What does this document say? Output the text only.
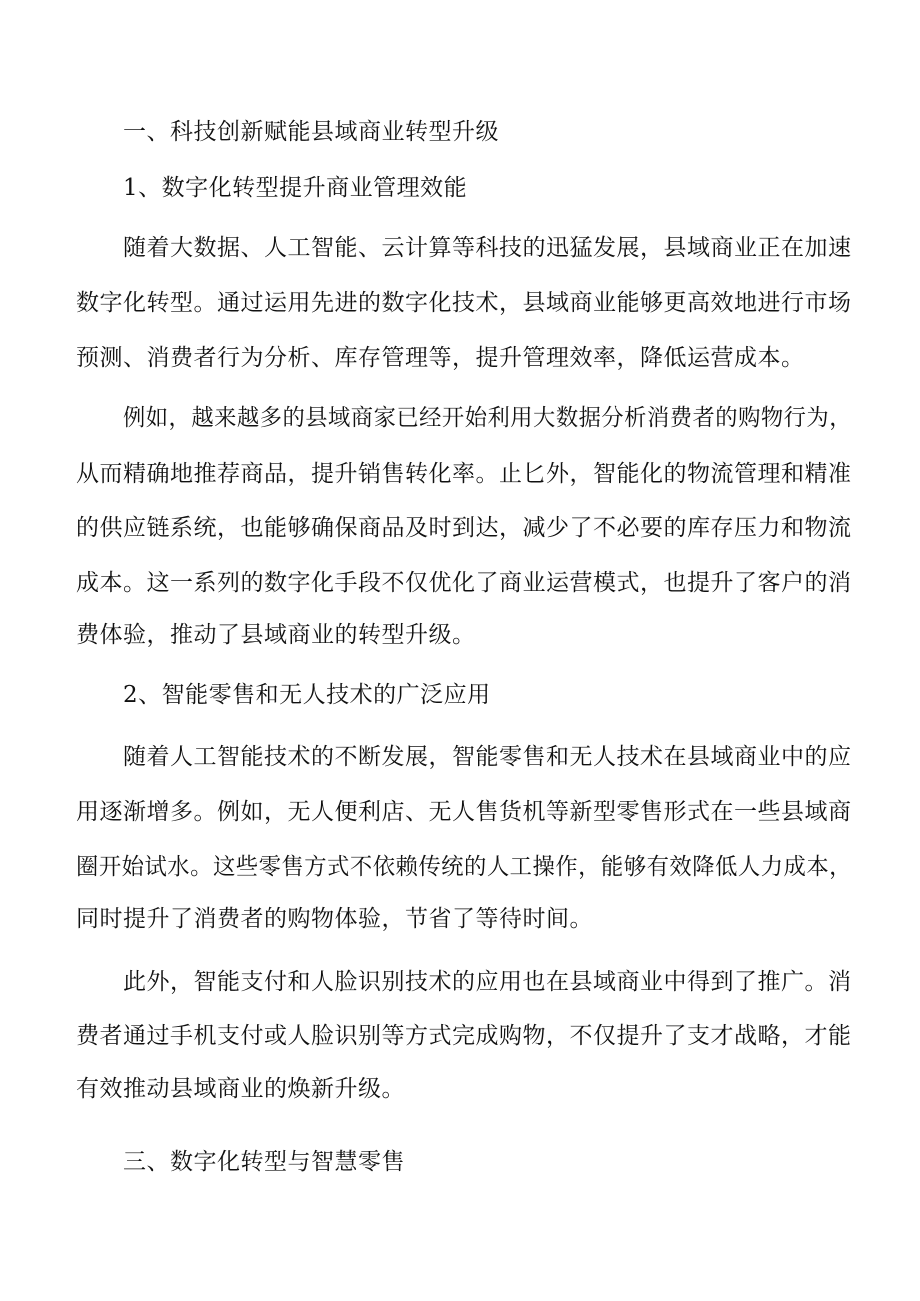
一、科技创新赋能县域商业转型升级
1、数字化转型提升商业管理效能
随着大数据、人工智能、云计算等科技的迅猛发展，县域商业正在加速
数字化转型。通过运用先进的数字化技术，县域商业能够更高效地进行市场
预测、消费者行为分析、库存管理等，提升管理效率，降低运营成本。
例如，越来越多的县域商家已经开始利用大数据分析消费者的购物行为，
从而精确地推荐商品，提升销售转化率。止匕外，智能化的物流管理和精准
的供应链系统，也能够确保商品及时到达，减少了不必要的库存压力和物流
成本。这一系列的数字化手段不仅优化了商业运营模式，也提升了客户的消
费体验，推动了县域商业的转型升级。
2、智能零售和无人技术的广泛应用
随着人工智能技术的不断发展，智能零售和无人技术在县域商业中的应
用逐渐增多。例如，无人便利店、无人售货机等新型零售形式在一些县域商
圈开始试水。这些零售方式不依赖传统的人工操作，能够有效降低人力成本，
同时提升了消费者的购物体验，节省了等待时间。
此外，智能支付和人脸识别技术的应用也在县域商业中得到了推广。消
费者通过手机支付或人脸识别等方式完成购物，不仅提升了支才战略，才能
有效推动县域商业的焕新升级。
三、数字化转型与智慧零售
